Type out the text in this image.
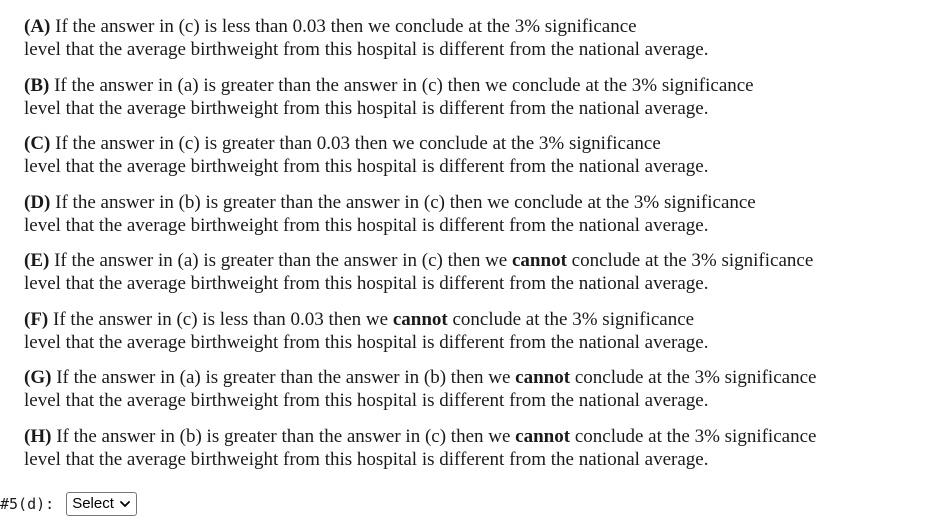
(A) If the answer in (c) is less than 0.03 then we conclude at the 3% significance
level that the average birthweight from this hospital is different from the national average.
(B) If the answer in (a) is greater than the answer in (c) then we conclude at the 3% significance
level that the average birthweight from this hospital is different from the national average.
(C) If the answer in (c) is greater than 0.03 then we conclude at the 3% significance
level that the average birthweight from this hospital is different from the national average.
(D) If the answer in (b) is greater than the answer in (c) then we conclude at the 3% significance
level that the average birthweight from this hospital is different from the national average.
(E) If the answer in (a) is greater than the answer in (c) then we cannot conclude at the 3% significance
level that the average birthweight from this hospital is different from the national average.
(F) If the answer in (c) is less than 0.03 then we cannot conclude at the 3% significance
level that the average birthweight from this hospital is different from the national average.
(G) If the answer in (a) is greater than the answer in (b) then we cannot conclude at the 3% significance
level that the average birthweight from this hospital is different from the national average.
(H) If the answer in (b) is greater than the answer in (c) then we cannot conclude at the 3% significance
level that the average birthweight from this hospital is different from the national average.
#5(d): Select
